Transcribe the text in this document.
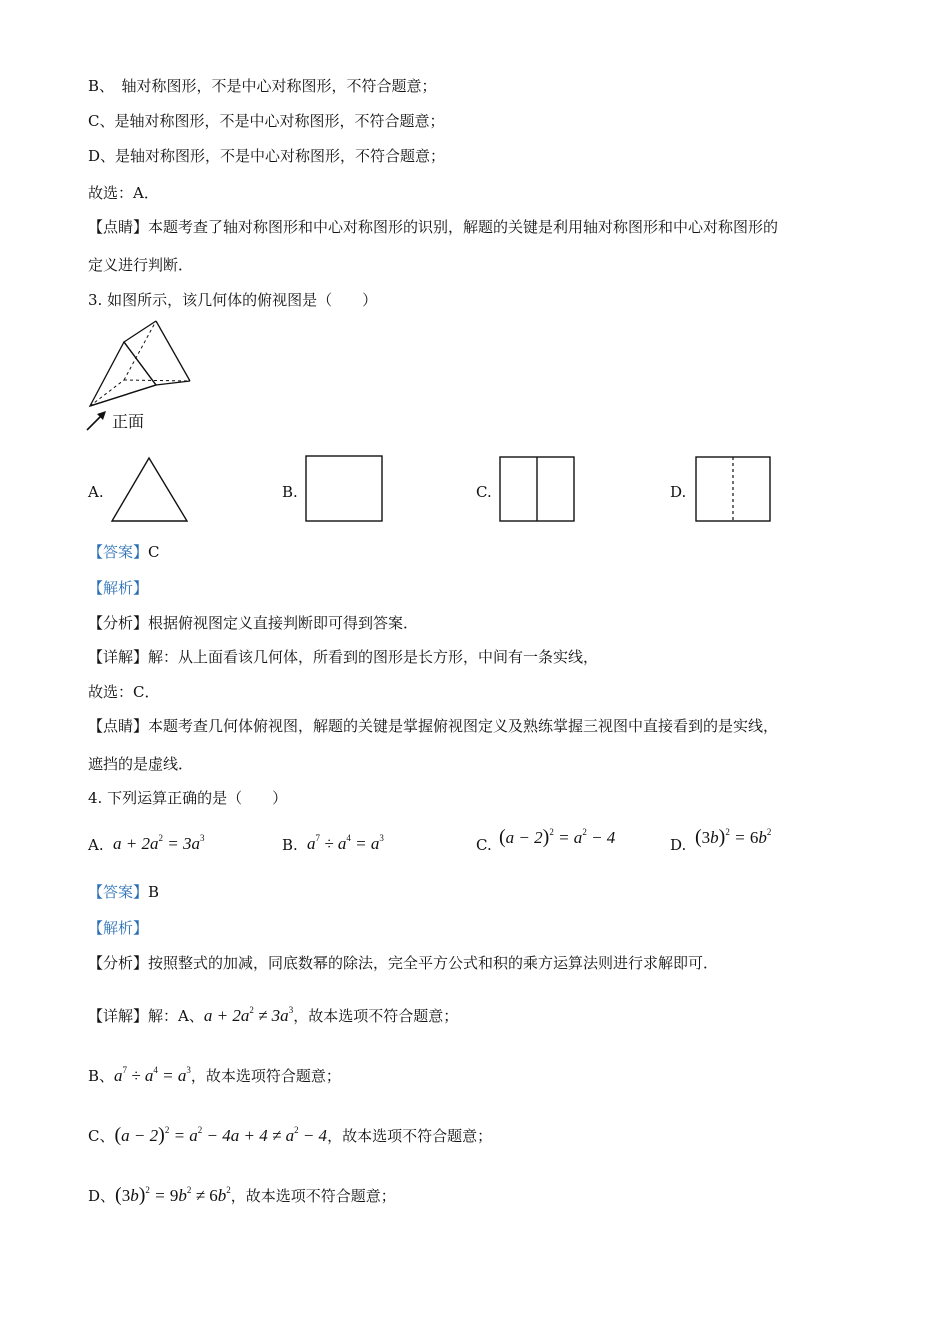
B、　轴对称图形，不是中心对称图形，不符合题意；
C、是轴对称图形，不是中心对称图形，不符合题意；
D、是轴对称图形，不是中心对称图形，不符合题意；
故选：A．
【点睛】本题考查了轴对称图形和中心对称图形的识别，解题的关键是利用轴对称图形和中心对称图形的
定义进行判断．
3. 如图所示，该几何体的俯视图是（　　）
正面
A.	B.	C.	D.
【答案】C
【解析】
【分析】根据俯视图定义直接判断即可得到答案．
【详解】解：从上面看该几何体，所看到的图形是长方形，中间有一条实线，
故选：C．
【点睛】本题考查几何体俯视图，解题的关键是掌握俯视图定义及熟练掌握三视图中直接看到的是实线，
遮挡的是虚线．
4. 下列运算正确的是（　　）
A. $a + 2a^2 = 3a^3$	B. $a^7 \div a^4 = a^3$	C. $(a - 2)^2 = a^2 - 4$	D. $(3b)^2 = 6b^2$
【答案】B
【解析】
【分析】按照整式的加减，同底数幂的除法，完全平方公式和积的乘方运算法则进行求解即可．
【详解】解：A、$a + 2a^2 \ne 3a^3$，故本选项不符合题意；
B、$a^7 \div a^4 = a^3$，故本选项符合题意；
C、$(a - 2)^2 = a^2 - 4a + 4 \ne a^2 - 4$，故本选项不符合题意；
D、$(3b)^2 = 9b^2 \ne 6b^2$，故本选项不符合题意；
